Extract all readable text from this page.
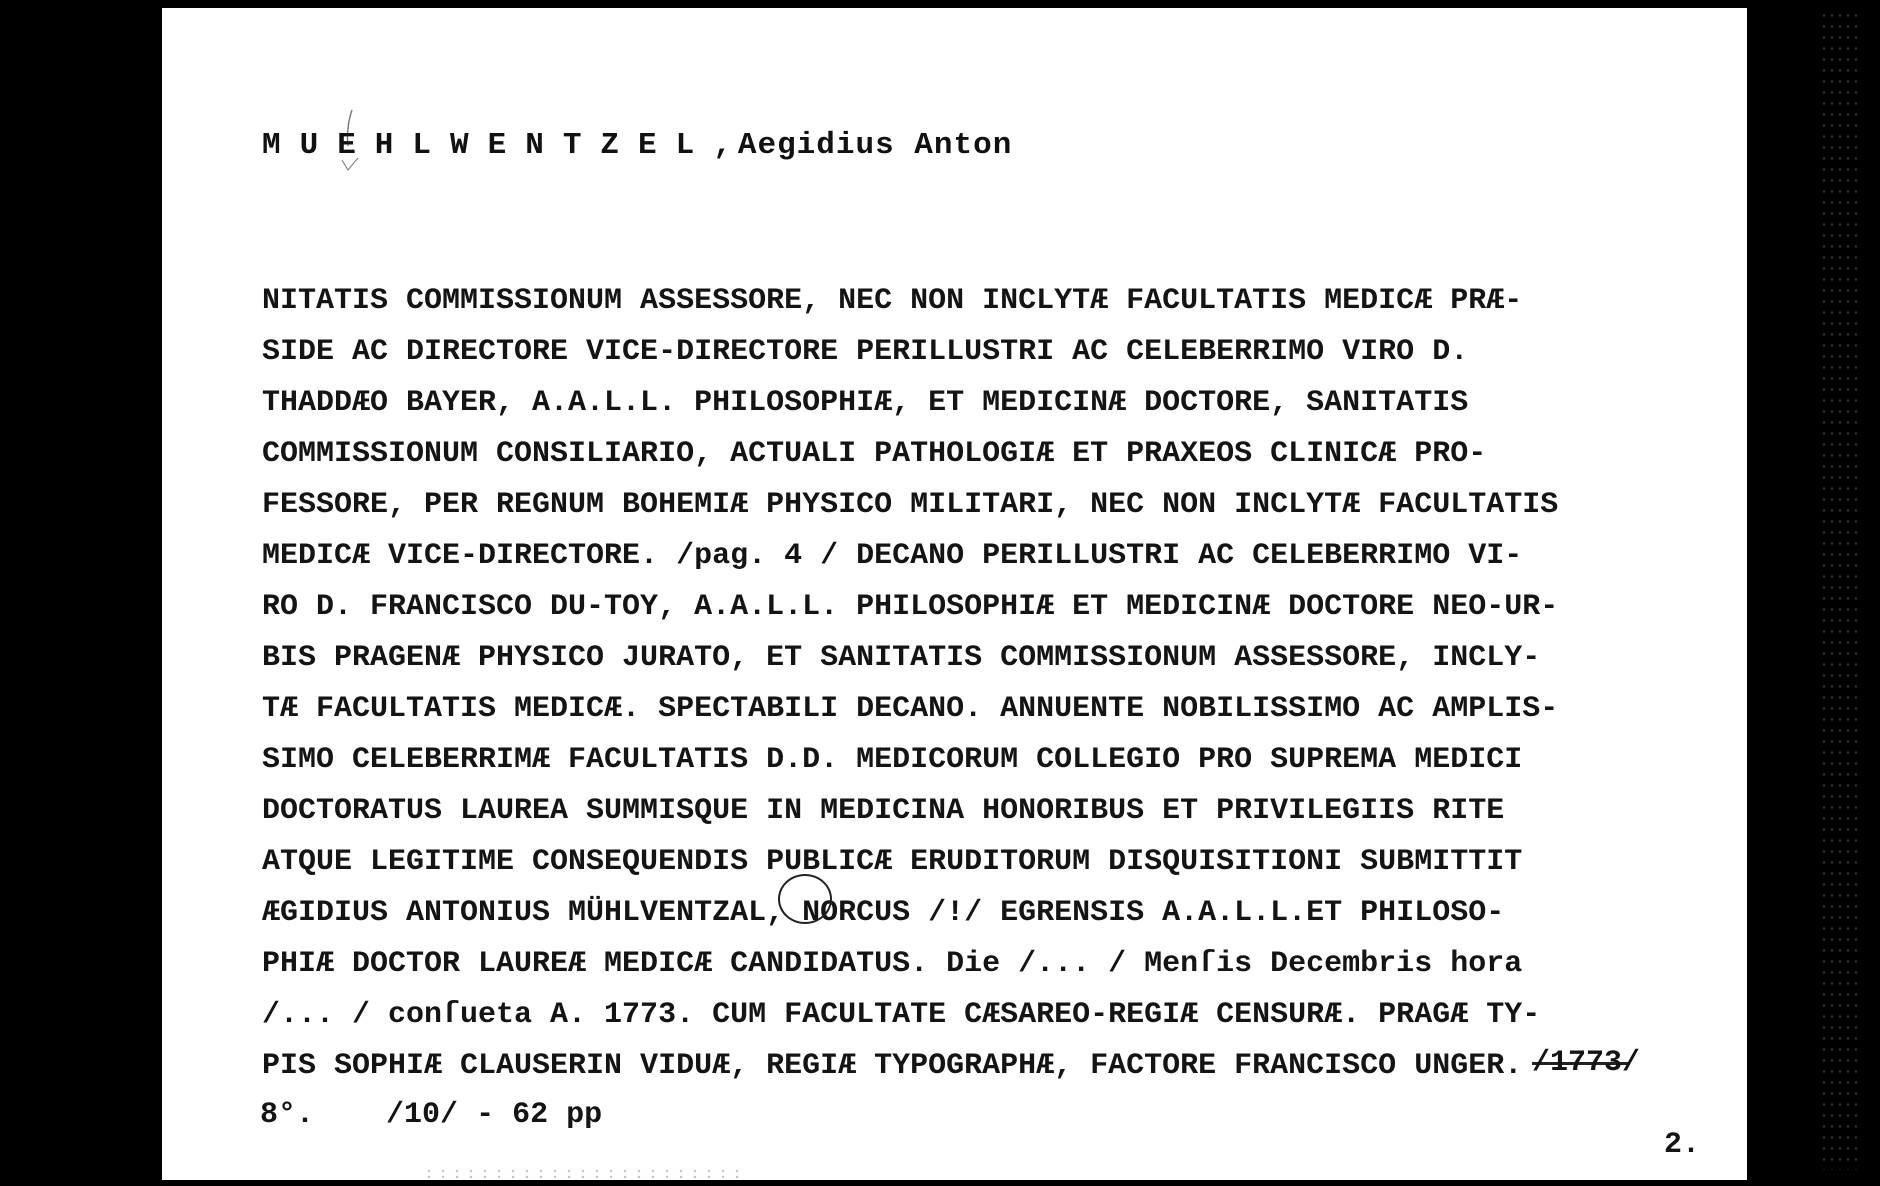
MUEHLWENTZEL, Aegidius Anton
NITATIS COMMISSIONUM ASSESSORE, NEC NON INCLYTÆ FACULTATIS MEDICÆ PRÆ-
SIDE AC DIRECTORE VICE-DIRECTORE PERILLUSTRI AC CELEBERRIMO VIRO D.
THADDÆO BAYER, A.A.L.L. PHILOSOPHIÆ, ET MEDICINÆ DOCTORE, SANITATIS
COMMISSIONUM CONSILIARIO, ACTUALI PATHOLOGIÆ ET PRAXEOS CLINICÆ PRO-
FESSORE, PER REGNUM BOHEMIÆ PHYSICO MILITARI, NEC NON INCLYTÆ FACULTATIS
MEDICÆ VICE-DIRECTORE. /pag. 4 / DECANO PERILLUSTRI AC CELEBERRIMO VI-
RO D. FRANCISCO DU-TOY, A.A.L.L. PHILOSOPHIÆ ET MEDICINÆ DOCTORE NEO-UR-
BIS PRAGENÆ PHYSICO JURATO, ET SANITATIS COMMISSIONUM ASSESSORE, INCLY-
TÆ FACULTATIS MEDICÆ. SPECTABILI DECANO. ANNUENTE NOBILISSIMO AC AMPLIS-
SIMO CELEBERRIMÆ FACULTATIS D.D. MEDICORUM COLLEGIO PRO SUPREMA MEDICI
DOCTORATUS LAUREA SUMMISQUE IN MEDICINA HONORIBUS ET PRIVILEGIIS RITE
ATQUE LEGITIME CONSEQUENDIS PUBLICÆ ERUDITORUM DISQUISITIONI SUBMITTIT
ÆGIDIUS ANTONIUS MÜHLVENTZAL, NORCUS /!/ EGRENSIS A.A.L.L.ET PHILOSO-
PHIÆ DOCTOR LAUREÆ MEDICÆ CANDIDATUS. Die /... / Menſis Decembris hora
/... / conſueta A. 1773. CUM FACULTATE CÆSAREO-REGIÆ CENSURÆ. PRAGÆ TY-
PIS SOPHIÆ CLAUSERIN VIDUÆ, REGIÆ TYPOGRAPHÆ, FACTORE FRANCISCO UNGER. /1773/
8°. /10/ - 62 pp
2.
